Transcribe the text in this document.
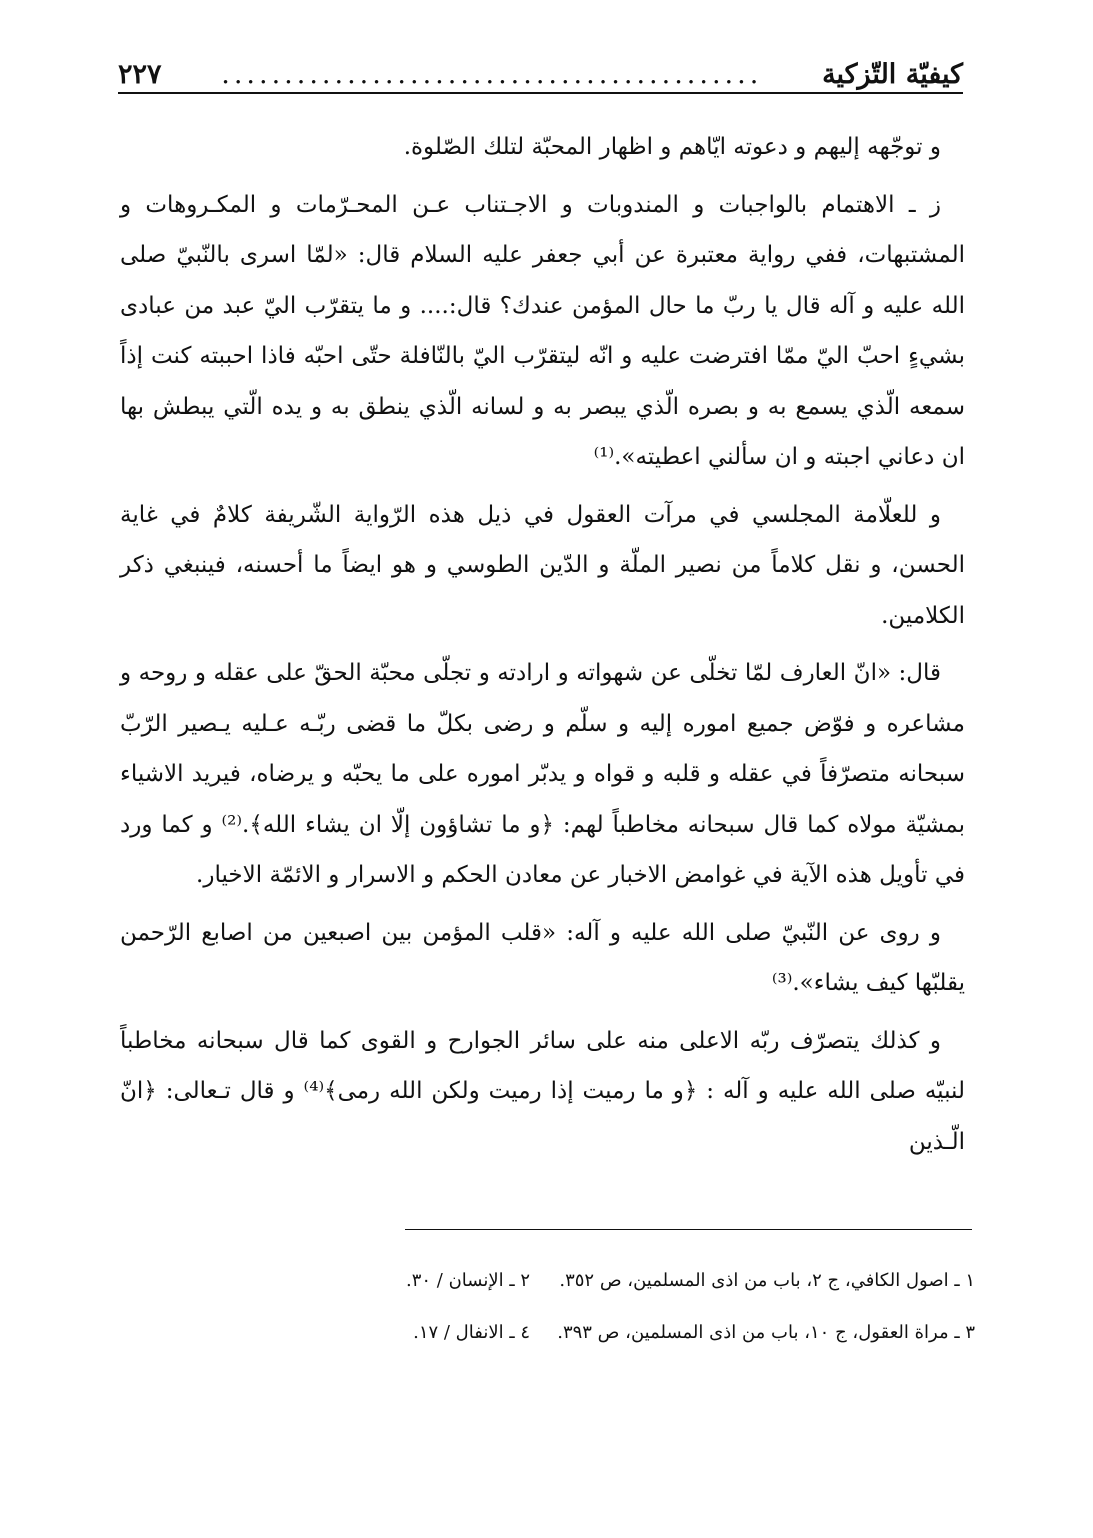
كيفيّة التّزكية
...........................................
۲۲۷

و توجّهه إليهم و دعوته ايّاهم و اظهار المحبّة لتلك الصّلوة.

ز ـ الاهتمام بالواجبات و المندوبات و الاجـتناب عـن المحـرّمات و المكـروهات و المشتبهات، ففي رواية معتبرة عن أبي جعفر عليه السلام قال: «لمّا اسرى بالنّبيّ صلی الله علیه و آله قال يا ربّ ما حال المؤمن عندك؟ قال:.... و ما يتقرّب اليّ عبد من عبادى بشيءٍ احبّ اليّ ممّا افترضت عليه و انّه ليتقرّب اليّ بالنّافلة حتّى احبّه فاذا احببته كنت إذاً سمعه الّذي يسمع به و بصره الّذي يبصر به و لسانه الّذي ينطق به و يده الّتي يبطش بها ان دعاني اجبته و ان سألني اعطيته».⁽¹⁾

و للعلّامة المجلسي في مرآت العقول في ذيل هذه الرّواية الشّريفة كلامٌ في غاية الحسن، و نقل كلاماً من نصير الملّة و الدّين الطوسي و هو ايضاً ما أحسنه، فينبغي ذكر الكلامين.

قال: «انّ العارف لمّا تخلّى عن شهواته و ارادته و تجلّى محبّة الحقّ على عقله و روحه و مشاعره و فوّض جميع اموره إليه و سلّم و رضى بكلّ ما قضى ربّـه عـليه يـصير الرّبّ سبحانه متصرّفاً في عقله و قلبه و قواه و يدبّر اموره على ما يحبّه و يرضاه، فيريد الاشياء بمشيّة مولاه كما قال سبحانه مخاطباً لهم: ﴿و ما تشاؤون إلّا ان يشاء الله﴾.⁽²⁾ و كما ورد في تأويل هذه الآية في غوامض الاخبار عن معادن الحكم و الاسرار و الائمّة الاخيار.

و روى عن النّبيّ صلی الله علیه و آله: «قلب المؤمن بين اصبعين من اصابع الرّحمن يقلبّها كيف يشاء».⁽³⁾

و كذلك يتصرّف ربّه الاعلى منه على سائر الجوارح و القوى كما قال سبحانه مخاطباً لنبيّه صلی الله علیه و آله : ﴿و ما رميت إذا رميت ولكن الله رمى﴾⁽⁴⁾ و قال تـعالى: ﴿انّ الّـذين

١ ـ اصول الكافي، ج ٢، باب من اذى المسلمين، ص ٣٥٢.
٢ ـ الإنسان / ٣٠.
٣ ـ مراة العقول، ج ١٠، باب من اذى المسلمين، ص ٣٩٣.
٤ ـ الانفال / ١٧.
